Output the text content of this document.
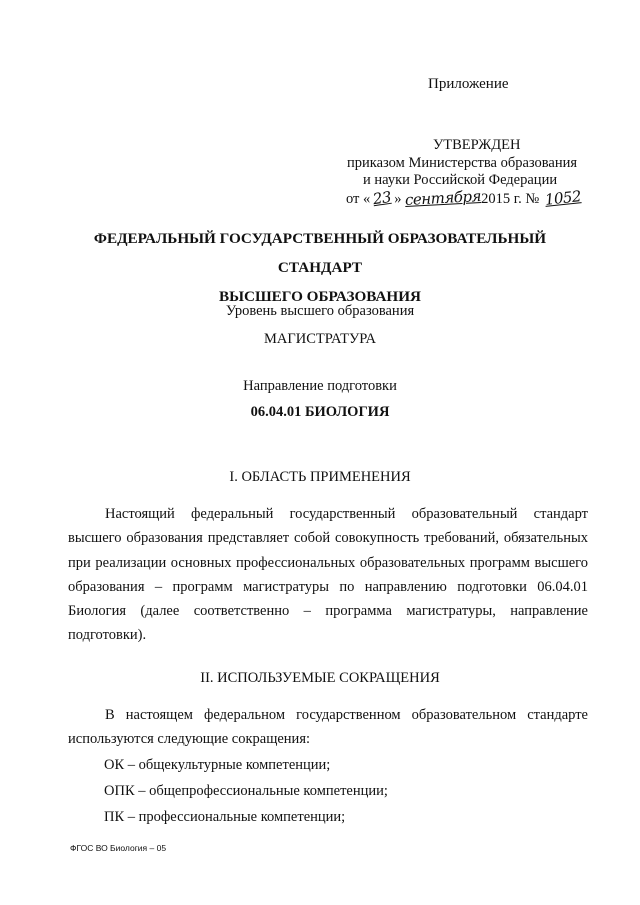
Приложение
УТВЕРЖДЕН
приказом Министерства образования
и науки Российской Федерации
от « 23 » сентября2015 г. № 1052
ФЕДЕРАЛЬНЫЙ ГОСУДАРСТВЕННЫЙ ОБРАЗОВАТЕЛЬНЫЙ СТАНДАРТ
ВЫСШЕГО ОБРАЗОВАНИЯ
Уровень высшего образования
МАГИСТРАТУРА
Направление подготовки
06.04.01 БИОЛОГИЯ
I. ОБЛАСТЬ ПРИМЕНЕНИЯ
Настоящий федеральный государственный образовательный стандарт высшего образования представляет собой совокупность требований, обязательных при реализации основных профессиональных образовательных программ высшего образования – программ магистратуры по направлению подготовки 06.04.01 Биология (далее соответственно – программа магистратуры, направление подготовки).
II. ИСПОЛЬЗУЕМЫЕ СОКРАЩЕНИЯ
В настоящем федеральном государственном образовательном стандарте используются следующие сокращения:
ОК – общекультурные компетенции;
ОПК – общепрофессиональные компетенции;
ПК – профессиональные компетенции;
ФГОС ВО Биология – 05
